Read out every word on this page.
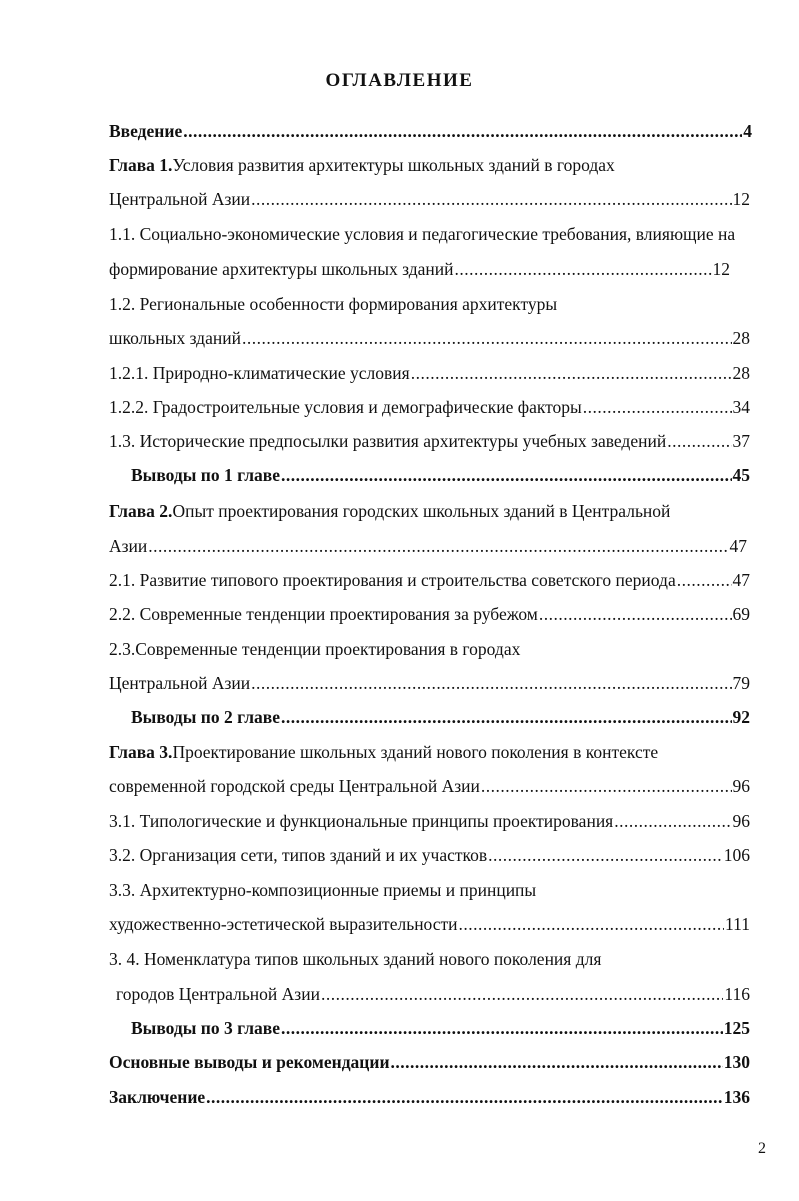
ОГЛАВЛЕНИЕ
Введение .....	4
Глава 1. Условия развития архитектуры школьных зданий в городах
Центральной Азии .....	12
1.1. Социально-экономические условия и педагогические требования, влияющие на
формирование архитектуры школьных зданий .....	12
1.2. Региональные особенности формирования архитектуры
школьных зданий .....	28
1.2.1. Природно-климатические условия .....	28
1.2.2. Градостроительные условия и демографические факторы .....	34
1.3. Исторические предпосылки развития архитектуры учебных заведений .....	37
Выводы по 1 главе .....	45
Глава 2. Опыт проектирования городских школьных зданий в Центральной
Азии .....	47
2.1. Развитие типового проектирования и строительства советского периода .....	47
2.2. Современные тенденции проектирования за рубежом .....	69
2.3.Современные тенденции проектирования в городах
Центральной Азии .....	79
Выводы по 2 главе .....	92
Глава 3. Проектирование школьных зданий нового поколения в контексте
современной городской среды Центральной Азии .....	96
3.1. Типологические и функциональные принципы проектирования .....	96
3.2. Организация сети, типов зданий и их участков .....	106
3.3. Архитектурно-композиционные приемы и принципы
художественно-эстетической выразительности .....	111
3. 4. Номенклатура типов школьных зданий нового поколения для
городов Центральной Азии .....	116
Выводы по 3 главе .....	125
Основные выводы и рекомендации .....	130
Заключение .....	136
2
